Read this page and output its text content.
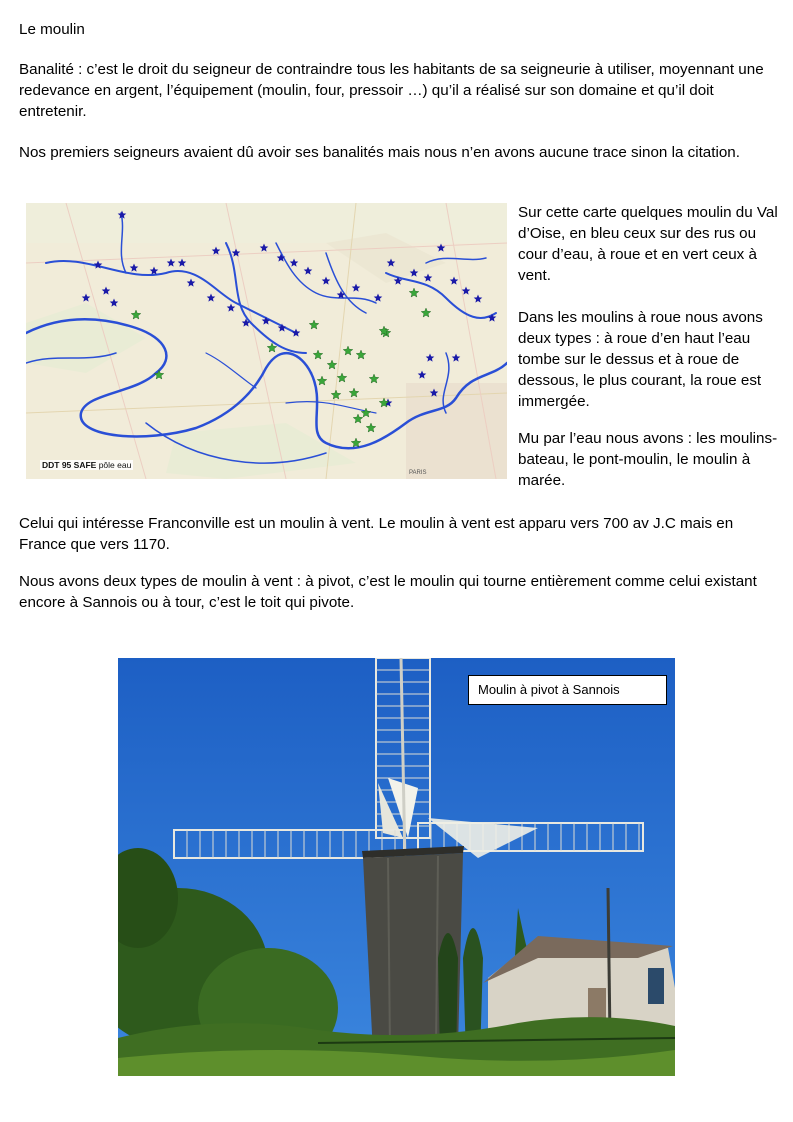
Le moulin

Banalité : c’est le droit du seigneur de contraindre tous les habitants de sa seigneurie à utiliser, moyennant une redevance en argent, l’équipement (moulin, four, pressoir …) qu’il a réalisé sur son domaine et qu’il doit entretenir.

Nos premiers seigneurs avaient dû avoir ses banalités mais nous n’en avons aucune trace sinon la citation.

PARIS
DDT 95 SAFE pôle eau

Sur cette carte quelques moulin du Val d’Oise, en bleu ceux sur des rus ou cour d’eau, à roue et en vert ceux à vent.

Dans les moulins à roue nous avons deux types : à roue d’en haut l’eau tombe sur le dessus et à roue de dessous, le plus courant, la roue est immergée.

Mu par l’eau nous avons : les moulins-bateau, le pont-moulin, le moulin à marée.

Celui qui intéresse Franconville est un moulin à vent. Le moulin à vent est apparu vers 700 av J.C mais en France que vers 1170.

Nous avons deux types de moulin à vent : à pivot, c’est le moulin qui tourne entièrement comme celui existant encore à Sannois ou à tour, c’est le toit qui pivote.

Moulin à pivot à Sannois
